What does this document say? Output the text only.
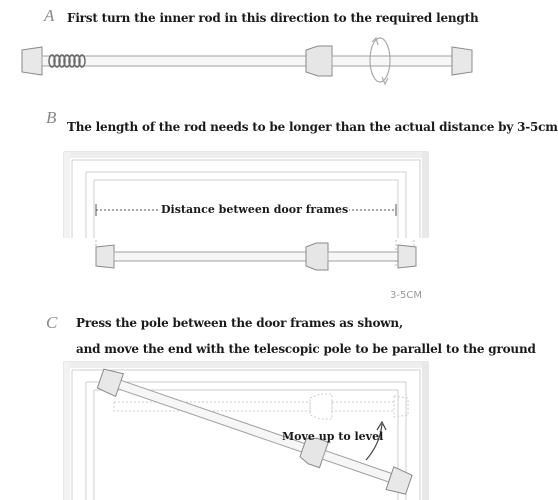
A First turn the inner rod in this direction to the required length
B The length of the rod needs to be longer than the actual distance by 3-5cm
Distance between door frames
3-5CM
C Press the pole between the door frames as shown,
and move the end with the telescopic pole to be parallel to the ground
Move up to level
